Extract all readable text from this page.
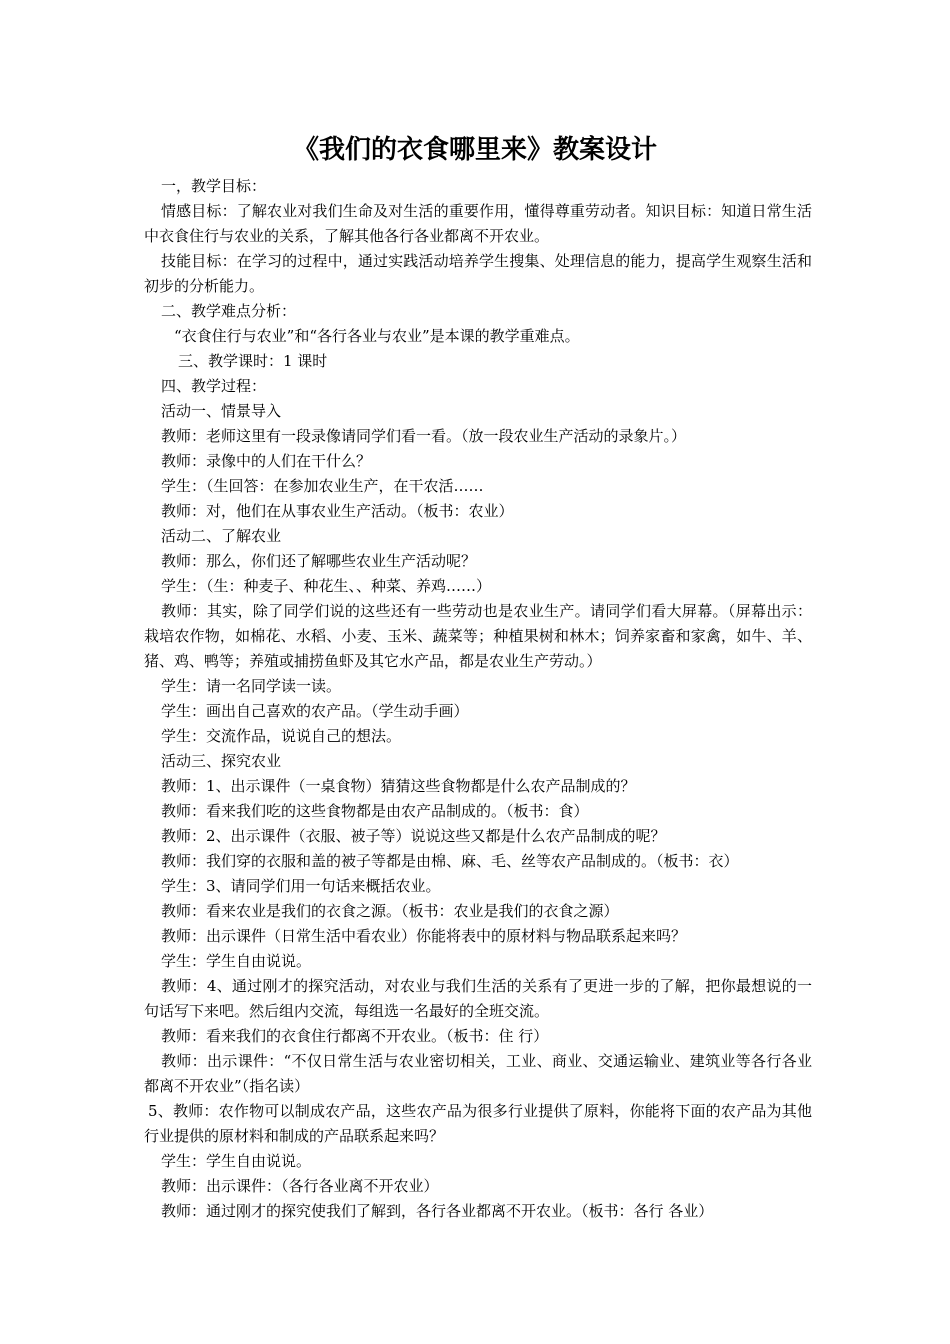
《我们的衣食哪里来》教案设计

一，教学目标：

情感目标：了解农业对我们生命及对生活的重要作用，懂得尊重劳动者。知识目标：知道日常生活中衣食住行与农业的关系，了解其他各行各业都离不开农业。

技能目标：在学习的过程中，通过实践活动培养学生搜集、处理信息的能力，提高学生观察生活和初步的分析能力。

二、教学难点分析：

“衣食住行与农业”和“各行各业与农业”是本课的教学重难点。

三、教学课时：1 课时

四、教学过程：

活动一、情景导入

教师：老师这里有一段录像请同学们看一看。（放一段农业生产活动的录象片。）

教师：录像中的人们在干什么？

学生：（生回答：在参加农业生产，在干农活……

教师：对，他们在从事农业生产活动。（板书：农业）

活动二、了解农业

教师：那么，你们还了解哪些农业生产活动呢？

学生：（生：种麦子、种花生、、种菜、养鸡……）

教师：其实，除了同学们说的这些还有一些劳动也是农业生产。请同学们看大屏幕。（屏幕出示：栽培农作物，如棉花、水稻、小麦、玉米、蔬菜等；种植果树和林木；饲养家畜和家禽，如牛、羊、猪、鸡、鸭等；养殖或捕捞鱼虾及其它水产品，都是农业生产劳动。）

学生：请一名同学读一读。

学生：画出自己喜欢的农产品。（学生动手画）

学生：交流作品，说说自己的想法。

活动三、探究农业

教师：1、出示课件（一桌食物）猜猜这些食物都是什么农产品制成的？

教师：看来我们吃的这些食物都是由农产品制成的。（板书：食）

教师：2、出示课件（衣服、被子等）说说这些又都是什么农产品制成的呢？

教师：我们穿的衣服和盖的被子等都是由棉、麻、毛、丝等农产品制成的。（板书：衣）

学生：3、请同学们用一句话来概括农业。

教师：看来农业是我们的衣食之源。（板书：农业是我们的衣食之源）

教师：出示课件（日常生活中看农业）你能将表中的原材料与物品联系起来吗？

学生：学生自由说说。

教师：4、通过刚才的探究活动，对农业与我们生活的关系有了更进一步的了解，把你最想说的一句话写下来吧。然后组内交流，每组选一名最好的全班交流。

教师：看来我们的衣食住行都离不开农业。（板书：住 行）

教师：出示课件：“不仅日常生活与农业密切相关，工业、商业、交通运输业、建筑业等各行各业都离不开农业”（指名读）

5、教师：农作物可以制成农产品，这些农产品为很多行业提供了原料，你能将下面的农产品为其他行业提供的原材料和制成的产品联系起来吗？

学生：学生自由说说。

教师：出示课件：（各行各业离不开农业）

教师：通过刚才的探究使我们了解到，各行各业都离不开农业。（板书：各行 各业）
